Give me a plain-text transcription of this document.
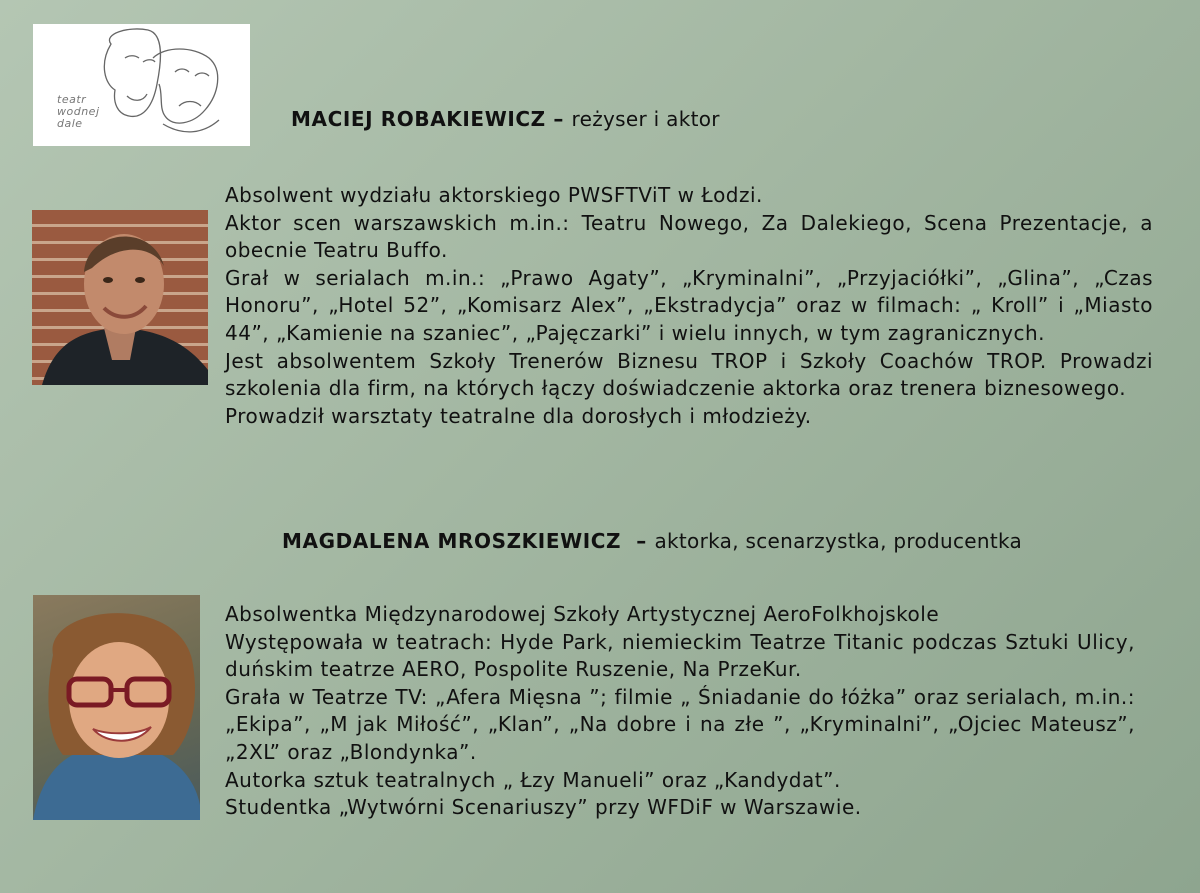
teatr wodnej dale	MACIEJ ROBAKIEWICZ – reżyser i aktor

Absolwent wydziału aktorskiego PWSFTViT w Łodzi.

Aktor scen warszawskich m.in.: Teatru Nowego, Za Dalekiego, Scena Prezentacje, a obecnie Teatru Buffo.

Grał w serialach m.in.: „Prawo Agaty”, „Kryminalni”, „Przyjaciółki”, „Glina”, „Czas Honoru”, „Hotel 52”, „Komisarz Alex”, „Ekstradycja” oraz w filmach: „ Kroll” i „Miasto 44”, „Kamienie na szaniec”, „Pajęczarki” i wielu innych, w tym zagranicznych.

Jest absolwentem Szkoły Trenerów Biznesu TROP i Szkoły Coachów TROP. Prowadzi szkolenia dla firm, na których łączy doświadczenie aktorka oraz trenera biznesowego.

Prowadził warsztaty teatralne dla dorosłych i młodzieży.

MAGDALENA MROSZKIEWICZ  – aktorka, scenarzystka, producentka

Absolwentka Międzynarodowej Szkoły Artystycznej AeroFolkhojskole

Występowała w teatrach: Hyde Park, niemieckim Teatrze Titanic podczas Sztuki Ulicy, duńskim teatrze AERO, Pospolite Ruszenie, Na PrzeKur.

Grała w Teatrze TV: „Afera Mięsna ”; filmie „ Śniadanie do łóżka” oraz serialach, m.in.: „Ekipa”, „M jak Miłość”, „Klan”, „Na dobre i na złe ”, „Kryminalni”, „Ojciec Mateusz”, „2XL” oraz „Blondynka”.

Autorka sztuk teatralnych „ Łzy Manueli” oraz „Kandydat”.

Studentka „Wytwórni Scenariuszy” przy WFDiF w Warszawie.
